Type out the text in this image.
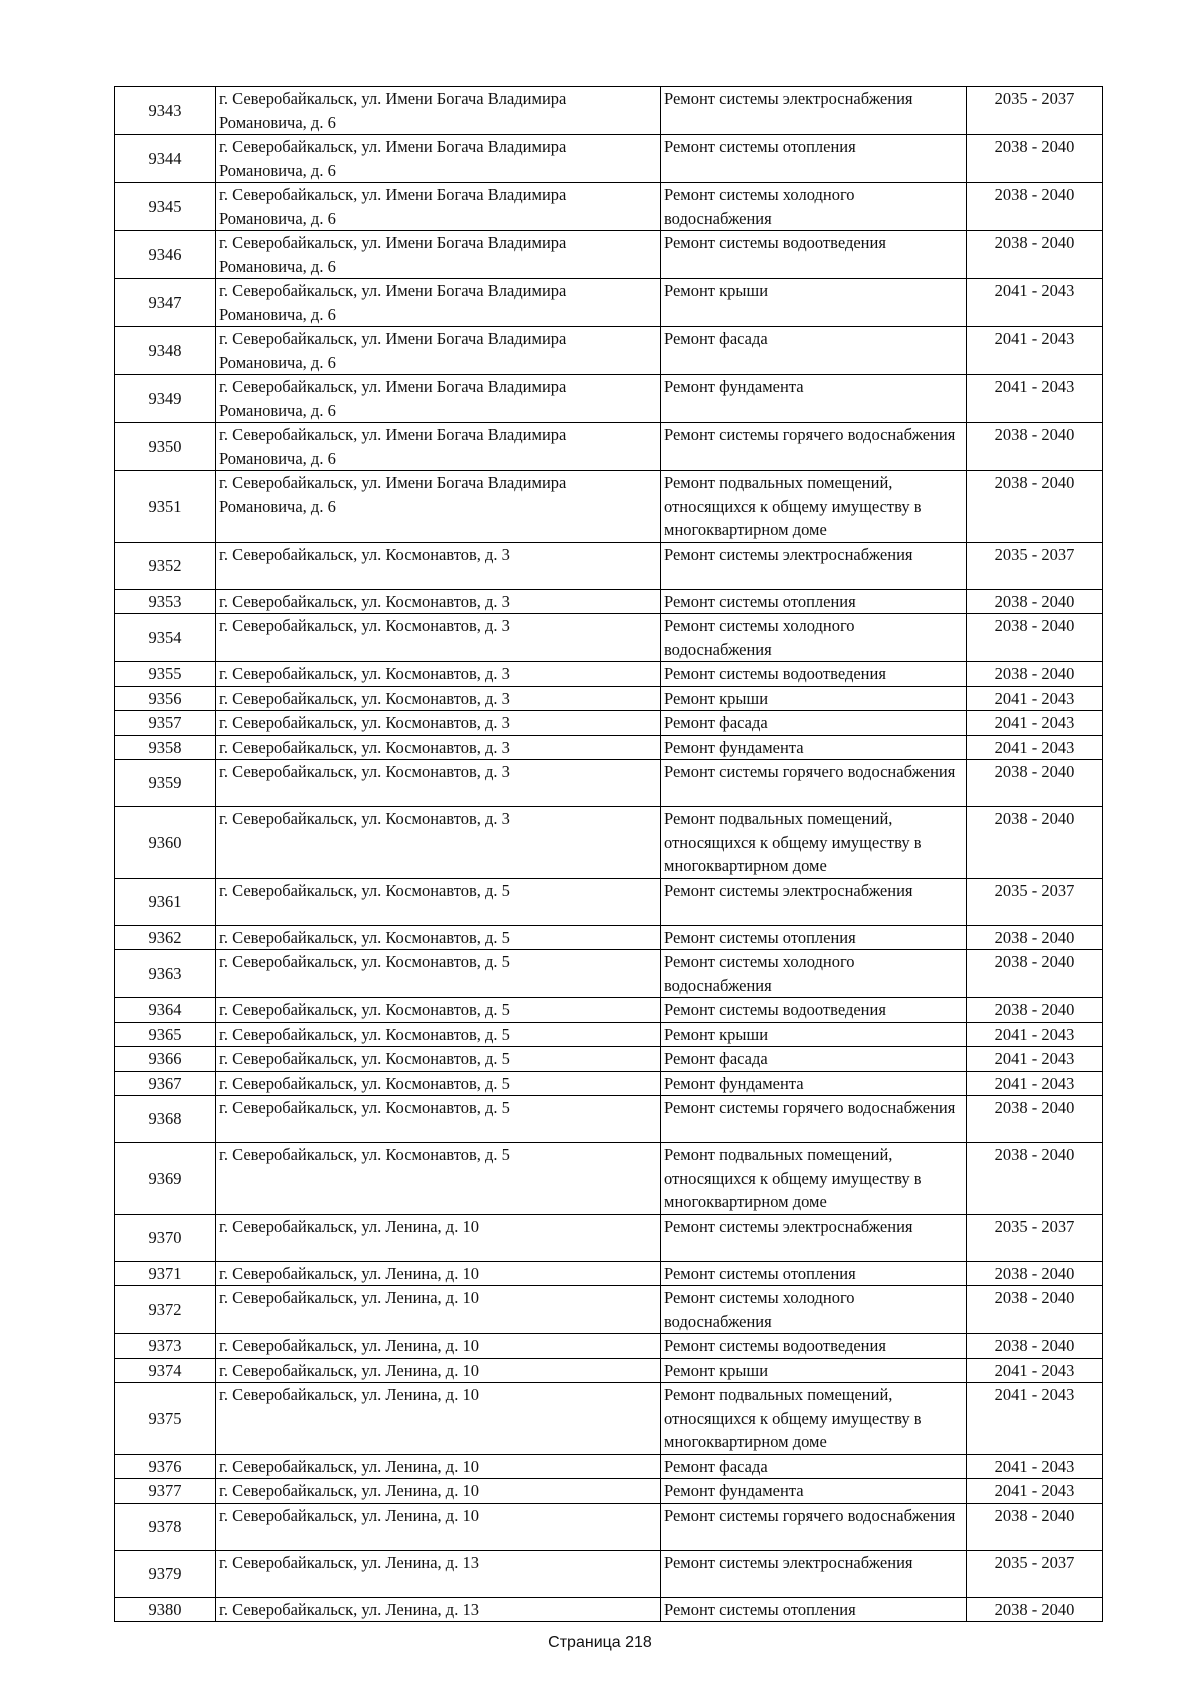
9343	г. Северобайкальск, ул. Имени Богача Владимира Романовича, д. 6	Ремонт системы электроснабжения	2035 - 2037
9344	г. Северобайкальск, ул. Имени Богача Владимира Романовича, д. 6	Ремонт системы отопления	2038 - 2040
9345	г. Северобайкальск, ул. Имени Богача Владимира Романовича, д. 6	Ремонт системы холодного водоснабжения	2038 - 2040
9346	г. Северобайкальск, ул. Имени Богача Владимира Романовича, д. 6	Ремонт системы водоотведения	2038 - 2040
9347	г. Северобайкальск, ул. Имени Богача Владимира Романовича, д. 6	Ремонт крыши	2041 - 2043
9348	г. Северобайкальск, ул. Имени Богача Владимира Романовича, д. 6	Ремонт фасада	2041 - 2043
9349	г. Северобайкальск, ул. Имени Богача Владимира Романовича, д. 6	Ремонт фундамента	2041 - 2043
9350	г. Северобайкальск, ул. Имени Богача Владимира Романовича, д. 6	Ремонт системы горячего водоснабжения	2038 - 2040
9351	г. Северобайкальск, ул. Имени Богача Владимира Романовича, д. 6	Ремонт подвальных помещений, относящихся к общему имуществу в многоквартирном доме	2038 - 2040
9352	г. Северобайкальск, ул. Космонавтов, д. 3	Ремонт системы электроснабжения	2035 - 2037
9353	г. Северобайкальск, ул. Космонавтов, д. 3	Ремонт системы отопления	2038 - 2040
9354	г. Северобайкальск, ул. Космонавтов, д. 3	Ремонт системы холодного водоснабжения	2038 - 2040
9355	г. Северобайкальск, ул. Космонавтов, д. 3	Ремонт системы водоотведения	2038 - 2040
9356	г. Северобайкальск, ул. Космонавтов, д. 3	Ремонт крыши	2041 - 2043
9357	г. Северобайкальск, ул. Космонавтов, д. 3	Ремонт фасада	2041 - 2043
9358	г. Северобайкальск, ул. Космонавтов, д. 3	Ремонт фундамента	2041 - 2043
9359	г. Северобайкальск, ул. Космонавтов, д. 3	Ремонт системы горячего водоснабжения	2038 - 2040
9360	г. Северобайкальск, ул. Космонавтов, д. 3	Ремонт подвальных помещений, относящихся к общему имуществу в многоквартирном доме	2038 - 2040
9361	г. Северобайкальск, ул. Космонавтов, д. 5	Ремонт системы электроснабжения	2035 - 2037
9362	г. Северобайкальск, ул. Космонавтов, д. 5	Ремонт системы отопления	2038 - 2040
9363	г. Северобайкальск, ул. Космонавтов, д. 5	Ремонт системы холодного водоснабжения	2038 - 2040
9364	г. Северобайкальск, ул. Космонавтов, д. 5	Ремонт системы водоотведения	2038 - 2040
9365	г. Северобайкальск, ул. Космонавтов, д. 5	Ремонт крыши	2041 - 2043
9366	г. Северобайкальск, ул. Космонавтов, д. 5	Ремонт фасада	2041 - 2043
9367	г. Северобайкальск, ул. Космонавтов, д. 5	Ремонт фундамента	2041 - 2043
9368	г. Северобайкальск, ул. Космонавтов, д. 5	Ремонт системы горячего водоснабжения	2038 - 2040
9369	г. Северобайкальск, ул. Космонавтов, д. 5	Ремонт подвальных помещений, относящихся к общему имуществу в многоквартирном доме	2038 - 2040
9370	г. Северобайкальск, ул. Ленина, д. 10	Ремонт системы электроснабжения	2035 - 2037
9371	г. Северобайкальск, ул. Ленина, д. 10	Ремонт системы отопления	2038 - 2040
9372	г. Северобайкальск, ул. Ленина, д. 10	Ремонт системы холодного водоснабжения	2038 - 2040
9373	г. Северобайкальск, ул. Ленина, д. 10	Ремонт системы водоотведения	2038 - 2040
9374	г. Северобайкальск, ул. Ленина, д. 10	Ремонт крыши	2041 - 2043
9375	г. Северобайкальск, ул. Ленина, д. 10	Ремонт подвальных помещений, относящихся к общему имуществу в многоквартирном доме	2041 - 2043
9376	г. Северобайкальск, ул. Ленина, д. 10	Ремонт фасада	2041 - 2043
9377	г. Северобайкальск, ул. Ленина, д. 10	Ремонт фундамента	2041 - 2043
9378	г. Северобайкальск, ул. Ленина, д. 10	Ремонт системы горячего водоснабжения	2038 - 2040
9379	г. Северобайкальск, ул. Ленина, д. 13	Ремонт системы электроснабжения	2035 - 2037
9380	г. Северобайкальск, ул. Ленина, д. 13	Ремонт системы отопления	2038 - 2040
Страница 218
